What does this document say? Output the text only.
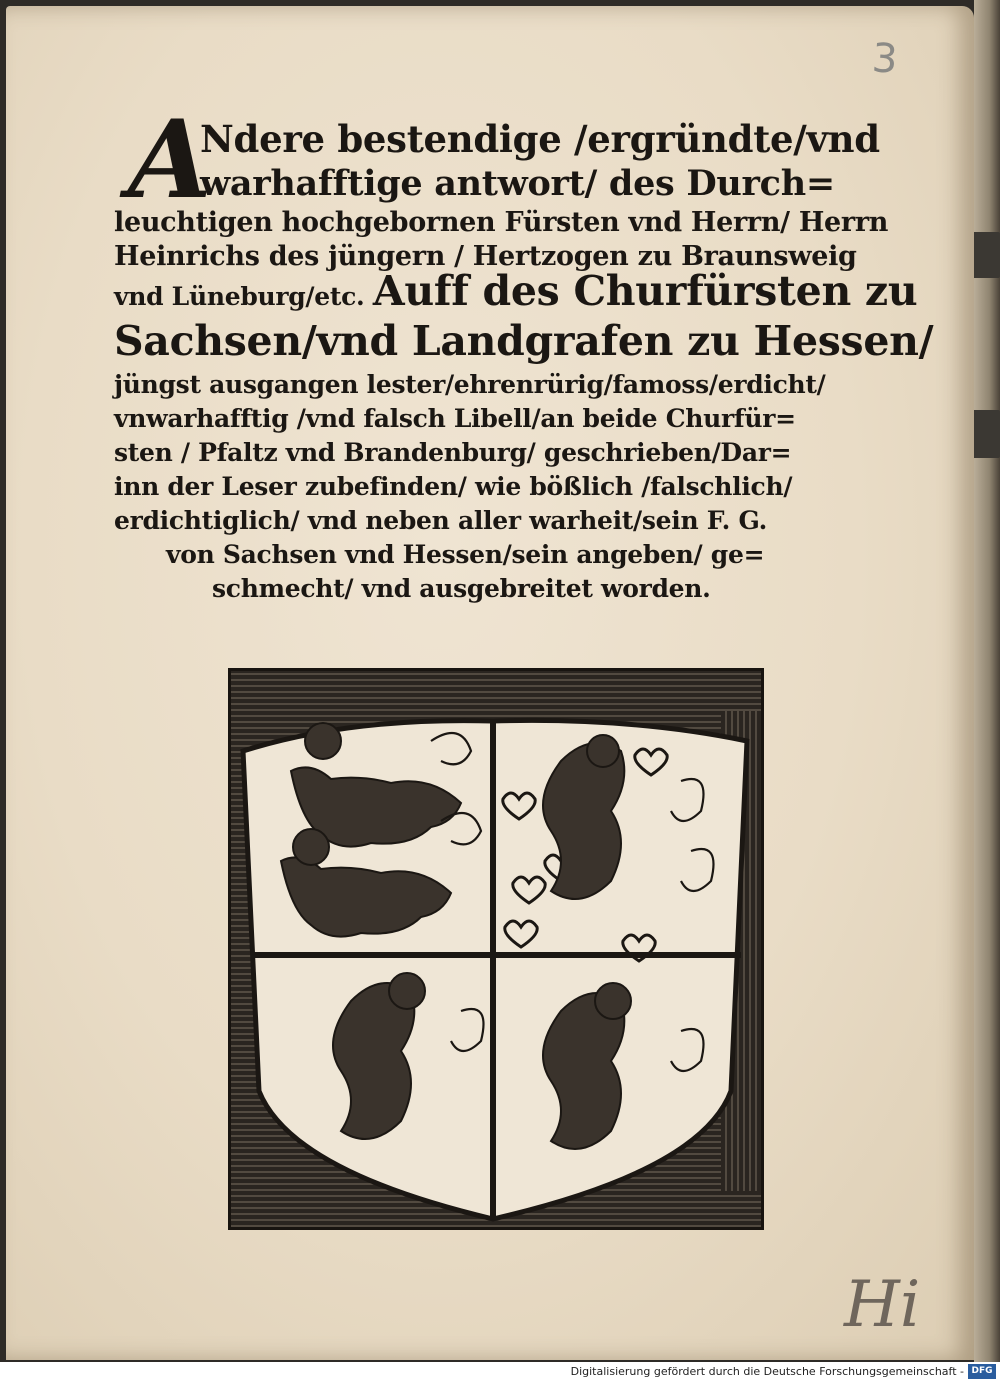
3
A

Ndere bestendige /ergründte/vnd

warhafftige antwort/ des Durch=

leuchtigen hochgebornen Fürsten vnd Herrn/ Herrn

Heinrichs des jüngern / Hertzogen zu Braunsweig

vnd Lüneburg/etc. Auff des Churfürsten zu

Sachsen/vnd Landgrafen zu Hessen/

jüngst ausgangen lester/ehrenrürig/famoss/erdicht/

vnwarhafftig /vnd falsch Libell/an beide Churfür=

sten / Pfaltz vnd Brandenburg/ geschrieben/Dar=

inn der Leser zubefinden/ wie bößlich /falschlich/

erdichtiglich/ vnd neben aller warheit/sein F. G.

von Sachsen vnd Hessen/sein angeben/ ge=

schmecht/ vnd ausgebreitet worden.

Hi
Digitalisierung gefördert durch die Deutsche Forschungsgemeinschaft - DFG
